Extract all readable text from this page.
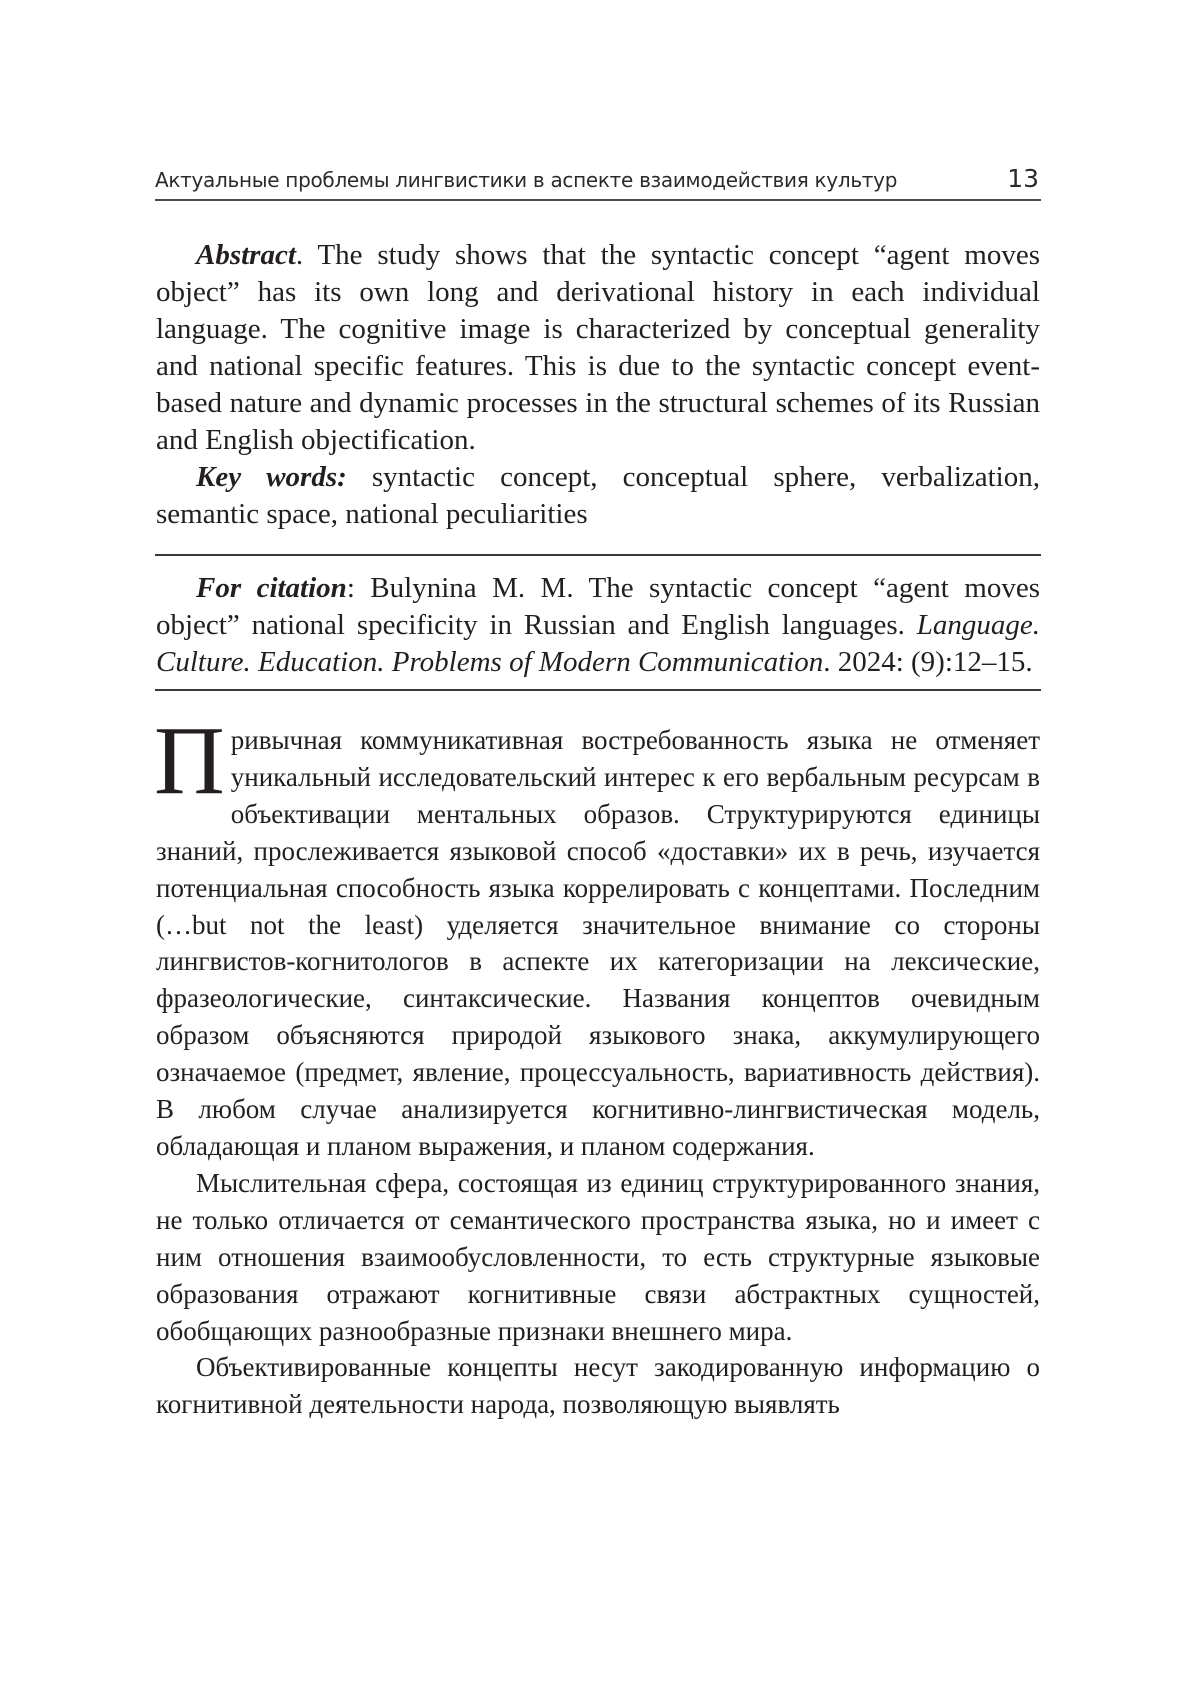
Актуальные проблемы лингвистики в аспекте взаимодействия культур	13

Abstract. The study shows that the syntactic concept “agent moves object” has its own long and derivational history in each individual language. The cognitive image is characterized by conceptual generality and national specific features. This is due to the syntactic concept event-based nature and dynamic processes in the structural schemes of its Russian and English objectification.

Key words: syntactic concept, conceptual sphere, verbalization, semantic space, national peculiarities

For citation: Bulynina M. M. The syntactic concept “agent moves object” national specificity in Russian and English languages. Language. Culture. Education. Problems of Modern Communication. 2024: (9):12–15.

П ривычная коммуникативная востребованность языка не отменяет уникальный исследовательский интерес к его вербальным ресурсам в объективации ментальных образов. Структурируются единицы знаний, прослеживается языковой способ «доставки» их в речь, изучается потенциальная способность языка коррелировать с концептами. Последним (…but not the least) уделяется значительное внимание со стороны лингвистов-когнитологов в аспекте их категоризации на лексические, фразеологические, синтаксические. Названия концептов очевидным образом объясняются природой языкового знака, аккумулирующего означаемое (предмет, явление, процессуальность, вариативность действия). В любом случае анализируется когнитивно-лингвистическая модель, обладающая и планом выражения, и планом содержания.

Мыслительная сфера, состоящая из единиц структурированного знания, не только отличается от семантического пространства языка, но и имеет с ним отношения взаимообусловленности, то есть структурные языковые образования отражают когнитивные связи абстрактных сущностей, обобщающих разнообразные признаки внешнего мира.

Объективированные концепты несут закодированную информацию о когнитивной деятельности народа, позволяющую выявлять
